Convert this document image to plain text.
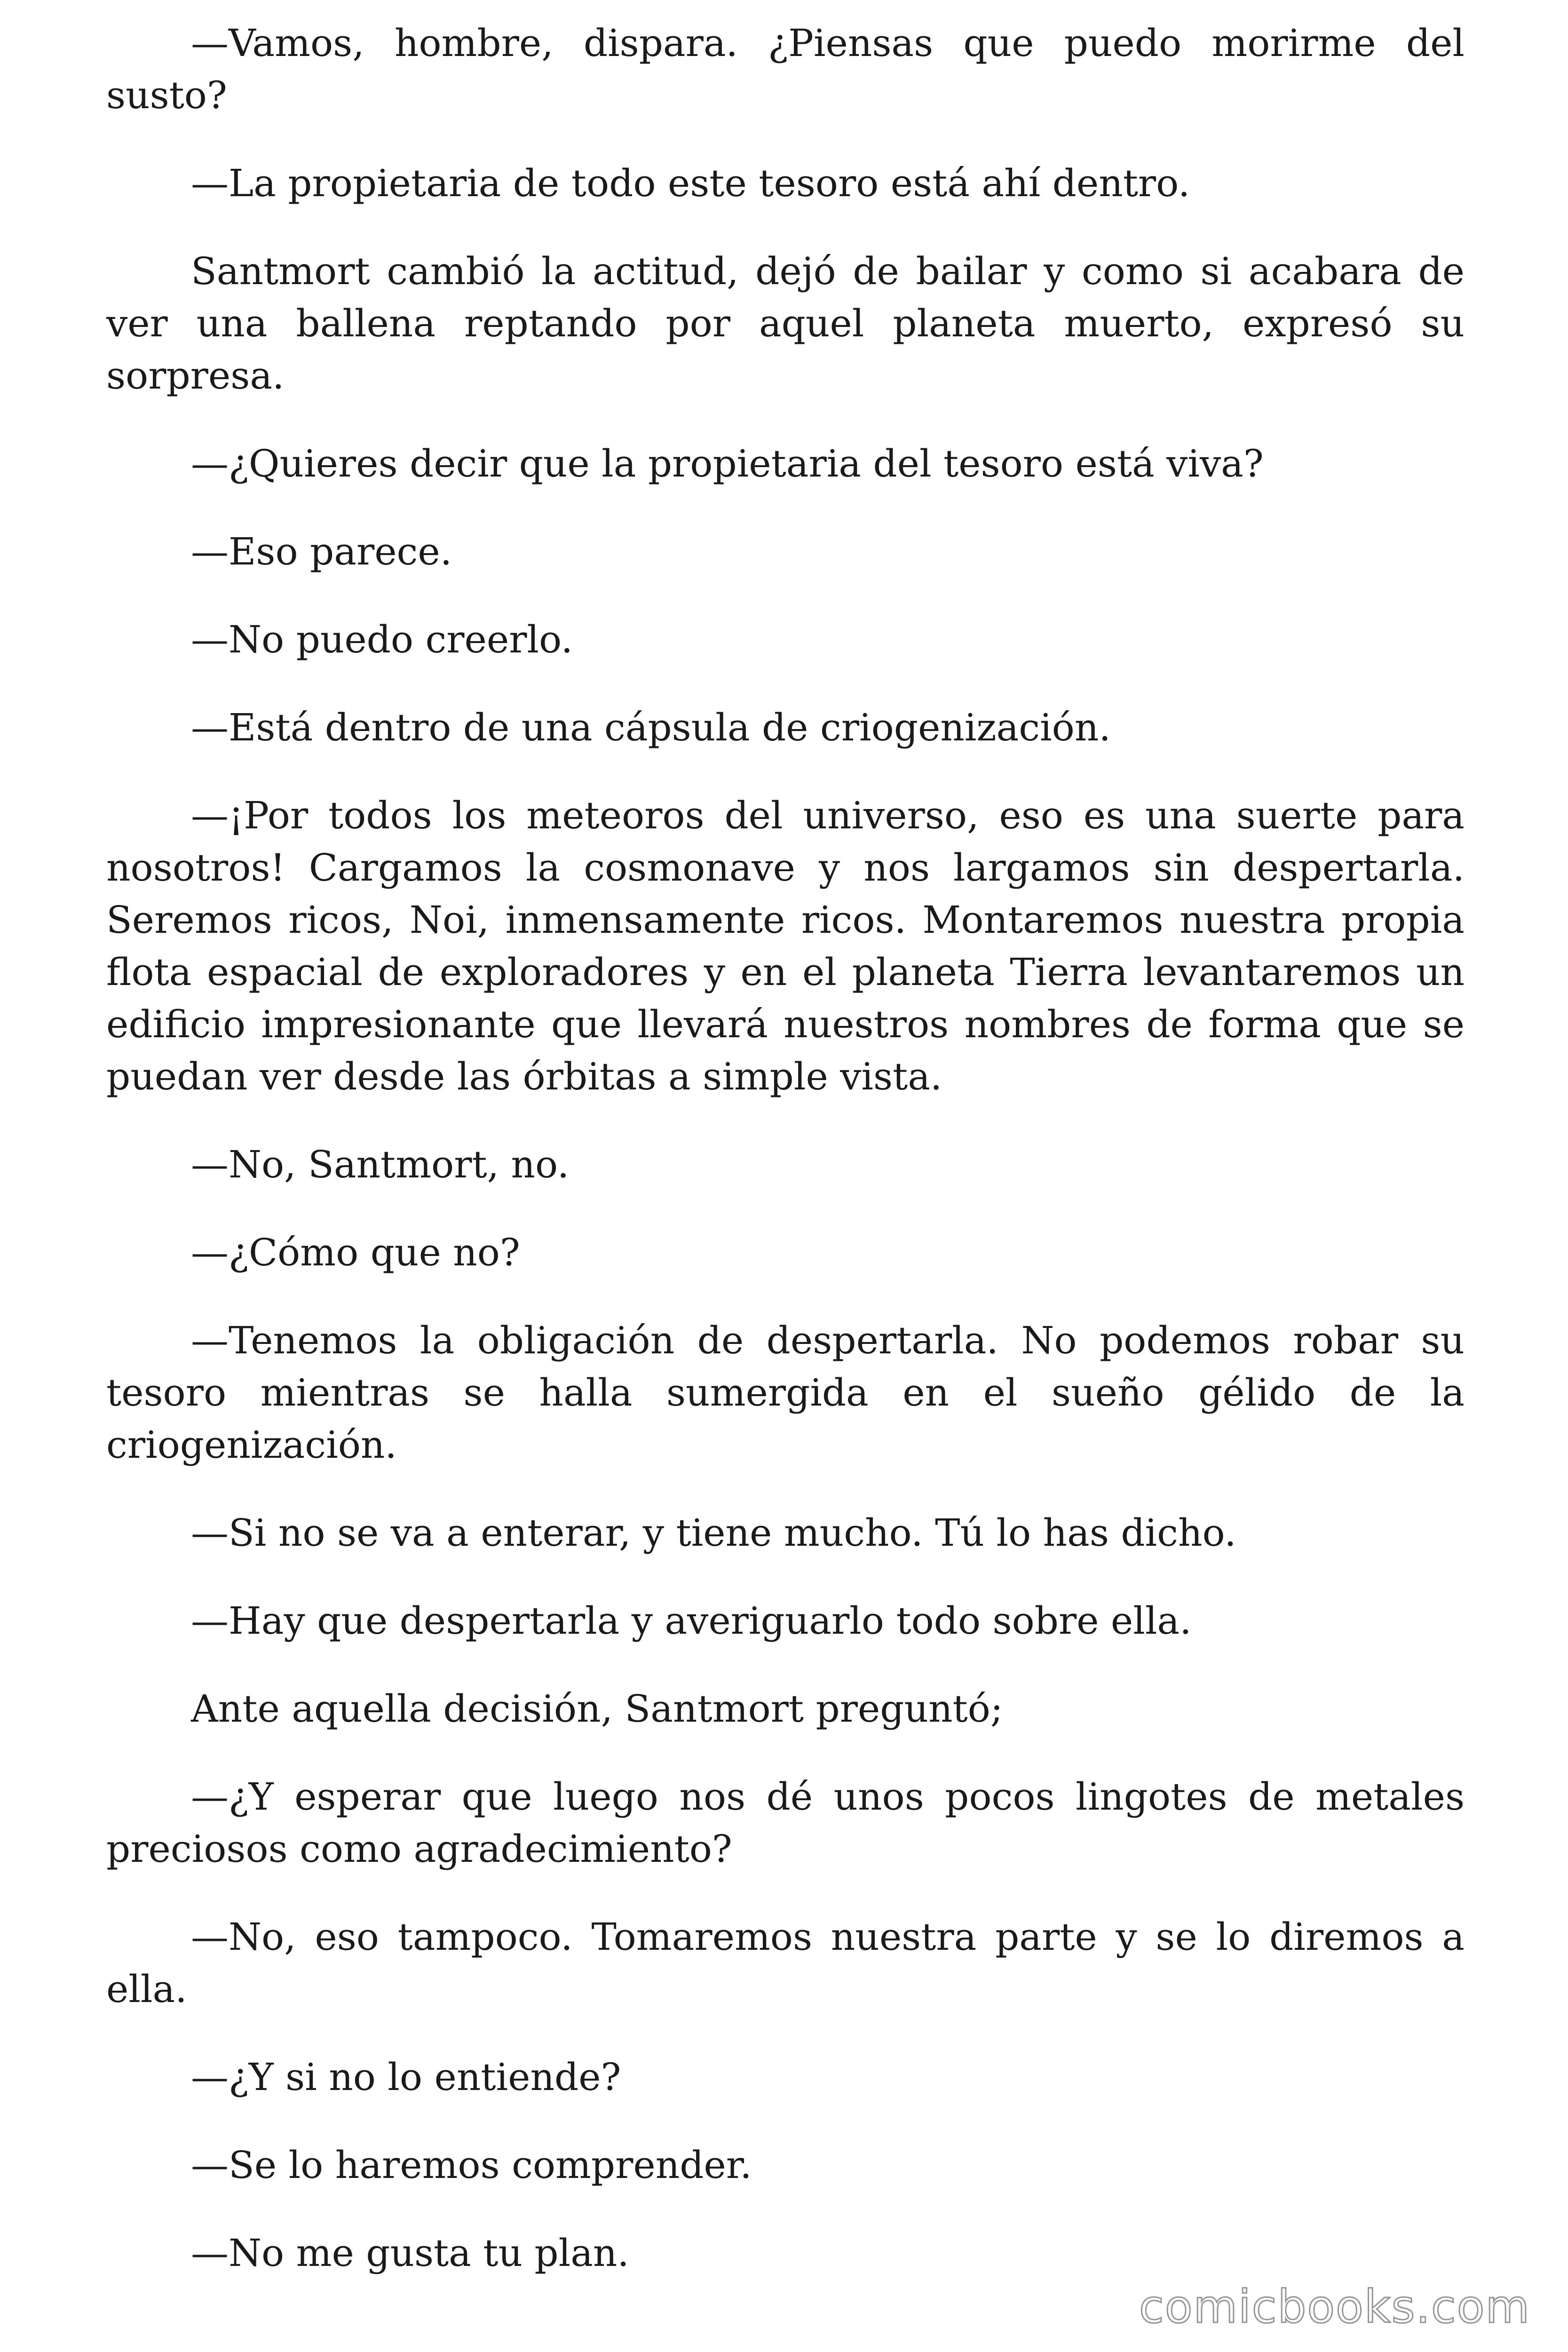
—Vamos, hombre, dispara. ¿Piensas que puedo morirme del susto?

—La propietaria de todo este tesoro está ahí dentro.

Santmort cambió la actitud, dejó de bailar y como si acabara de ver una ballena reptando por aquel planeta muerto, expresó su sorpresa.

—¿Quieres decir que la propietaria del tesoro está viva?

—Eso parece.

—No puedo creerlo.

—Está dentro de una cápsula de criogenización.

—¡Por todos los meteoros del universo, eso es una suerte para nosotros! Cargamos la cosmonave y nos largamos sin despertarla. Seremos ricos, Noi, inmensamente ricos. Montaremos nuestra propia flota espacial de exploradores y en el planeta Tierra levantaremos un edificio impresionante que llevará nuestros nombres de forma que se puedan ver desde las órbitas a simple vista.

—No, Santmort, no.

—¿Cómo que no?

—Tenemos la obligación de despertarla. No podemos robar su tesoro mientras se halla sumergida en el sueño gélido de la criogenización.

—Si no se va a enterar, y tiene mucho. Tú lo has dicho.

—Hay que despertarla y averiguarlo todo sobre ella.

Ante aquella decisión, Santmort preguntó;

—¿Y esperar que luego nos dé unos pocos lingotes de metales preciosos como agradecimiento?

—No, eso tampoco. Tomaremos nuestra parte y se lo diremos a ella.

—¿Y si no lo entiende?

—Se lo haremos comprender.

—No me gusta tu plan.

comicbooks.com
